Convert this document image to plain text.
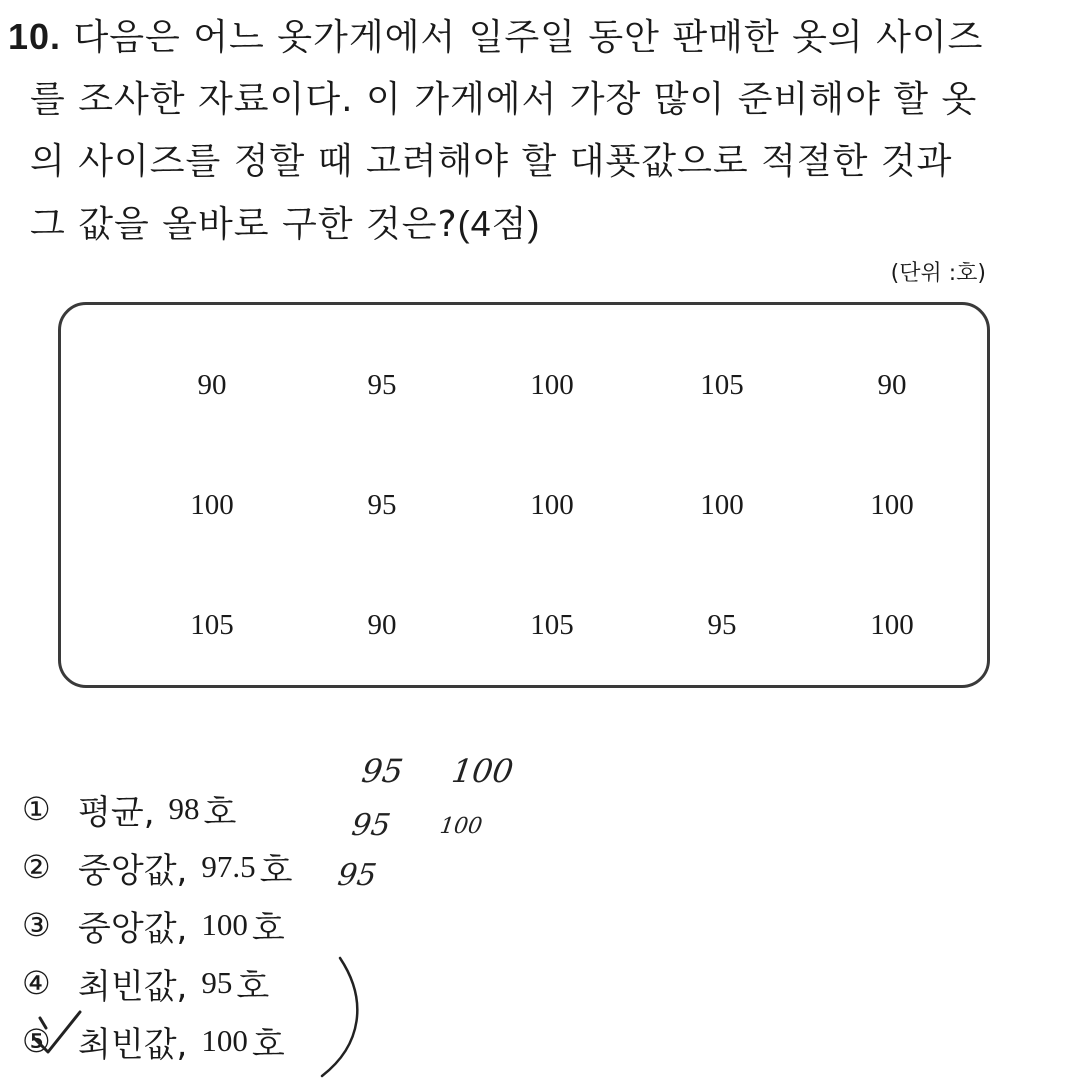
10. 다음은 어느 옷가게에서 일주일 동안 판매한 옷의 사이즈
를 조사한 자료이다. 이 가게에서 가장 많이 준비해야 할 옷
의 사이즈를 정할 때 고려해야 할 대푯값으로 적절한 것과
그 값을 올바로 구한 것은?(4점)
(단위 :호)
90	95	100	105	90
100	95	100	100	100
105	90	105	95	100
① 평균, 98 호
② 중앙값, 97.5 호
③ 중앙값, 100 호
④ 최빈값, 95 호
⑤ 최빈값, 100 호
95 100
95 100
95
